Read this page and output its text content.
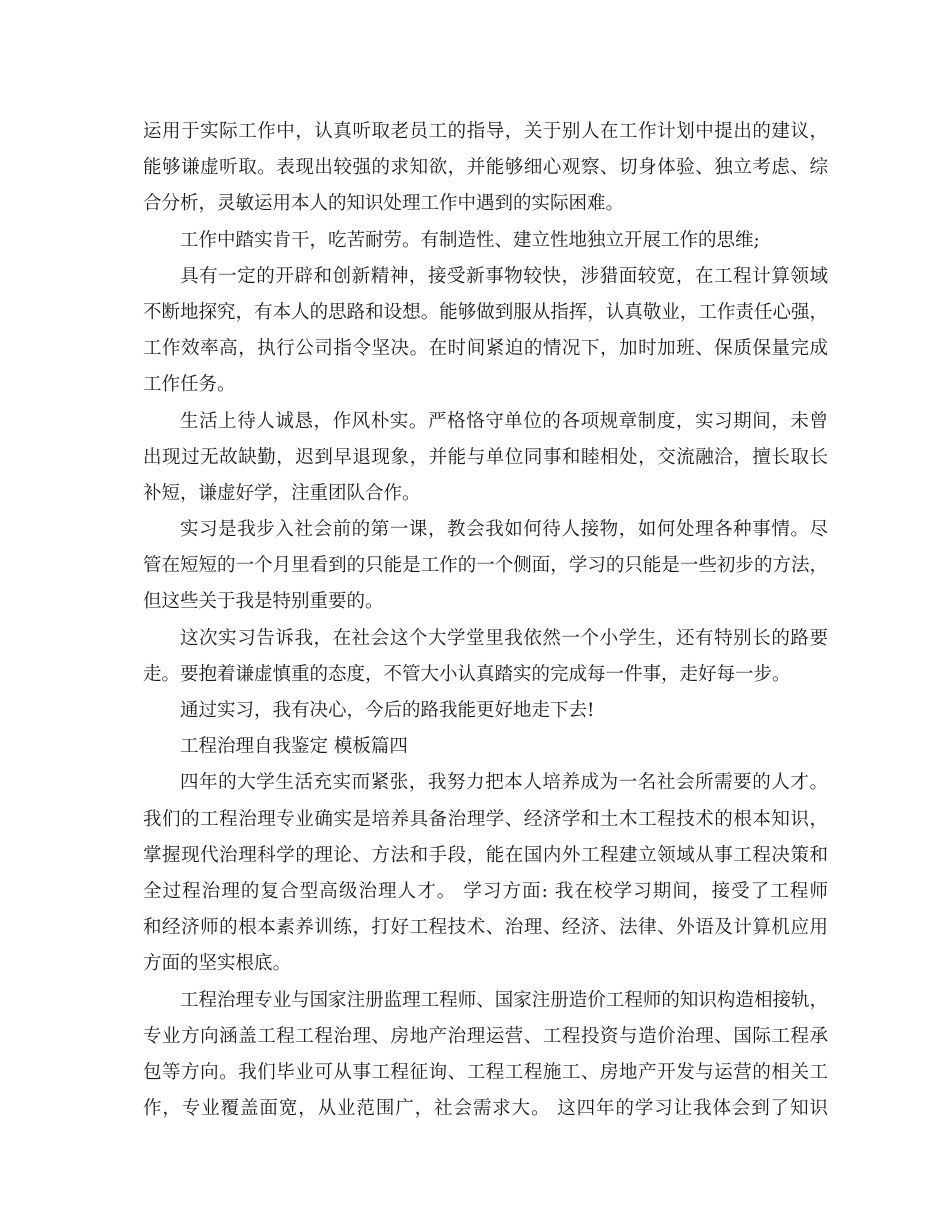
运用于实际工作中，认真听取老员工的指导，关于别人在工作计划中提出的建议，
能够谦虚听取。表现出较强的求知欲，并能够细心观察、切身体验、独立考虑、综
合分析，灵敏运用本人的知识处理工作中遇到的实际困难。
工作中踏实肯干，吃苦耐劳。有制造性、建立性地独立开展工作的思维;
具有一定的开辟和创新精神，接受新事物较快，涉猎面较宽，在工程计算领域
不断地探究，有本人的思路和设想。能够做到服从指挥，认真敬业，工作责任心强，
工作效率高，执行公司指令坚决。在时间紧迫的情况下，加时加班、保质保量完成
工作任务。
生活上待人诚恳，作风朴实。严格恪守单位的各项规章制度，实习期间，未曾
出现过无故缺勤，迟到早退现象，并能与单位同事和睦相处，交流融洽，擅长取长
补短，谦虚好学，注重团队合作。
实习是我步入社会前的第一课，教会我如何待人接物，如何处理各种事情。尽
管在短短的一个月里看到的只能是工作的一个侧面，学习的只能是一些初步的方法，
但这些关于我是特别重要的。
这次实习告诉我，在社会这个大学堂里我依然一个小学生，还有特别长的路要
走。要抱着谦虚慎重的态度，不管大小认真踏实的完成每一件事，走好每一步。
通过实习，我有决心，今后的路我能更好地走下去!
工程治理自我鉴定 模板篇四
四年的大学生活充实而紧张，我努力把本人培养成为一名社会所需要的人才。
我们的工程治理专业确实是培养具备治理学、经济学和土木工程技术的根本知识，
掌握现代治理科学的理论、方法和手段，能在国内外工程建立领域从事工程决策和
全过程治理的复合型高级治理人才。 学习方面: 我在校学习期间，接受了工程师
和经济师的根本素养训练，打好工程技术、治理、经济、法律、外语及计算机应用
方面的坚实根底。
工程治理专业与国家注册监理工程师、国家注册造价工程师的知识构造相接轨，
专业方向涵盖工程工程治理、房地产治理运营、工程投资与造价治理、国际工程承
包等方向。我们毕业可从事工程征询、工程工程施工、房地产开发与运营的相关工
作，专业覆盖面宽，从业范围广，社会需求大。 这四年的学习让我体会到了知识
